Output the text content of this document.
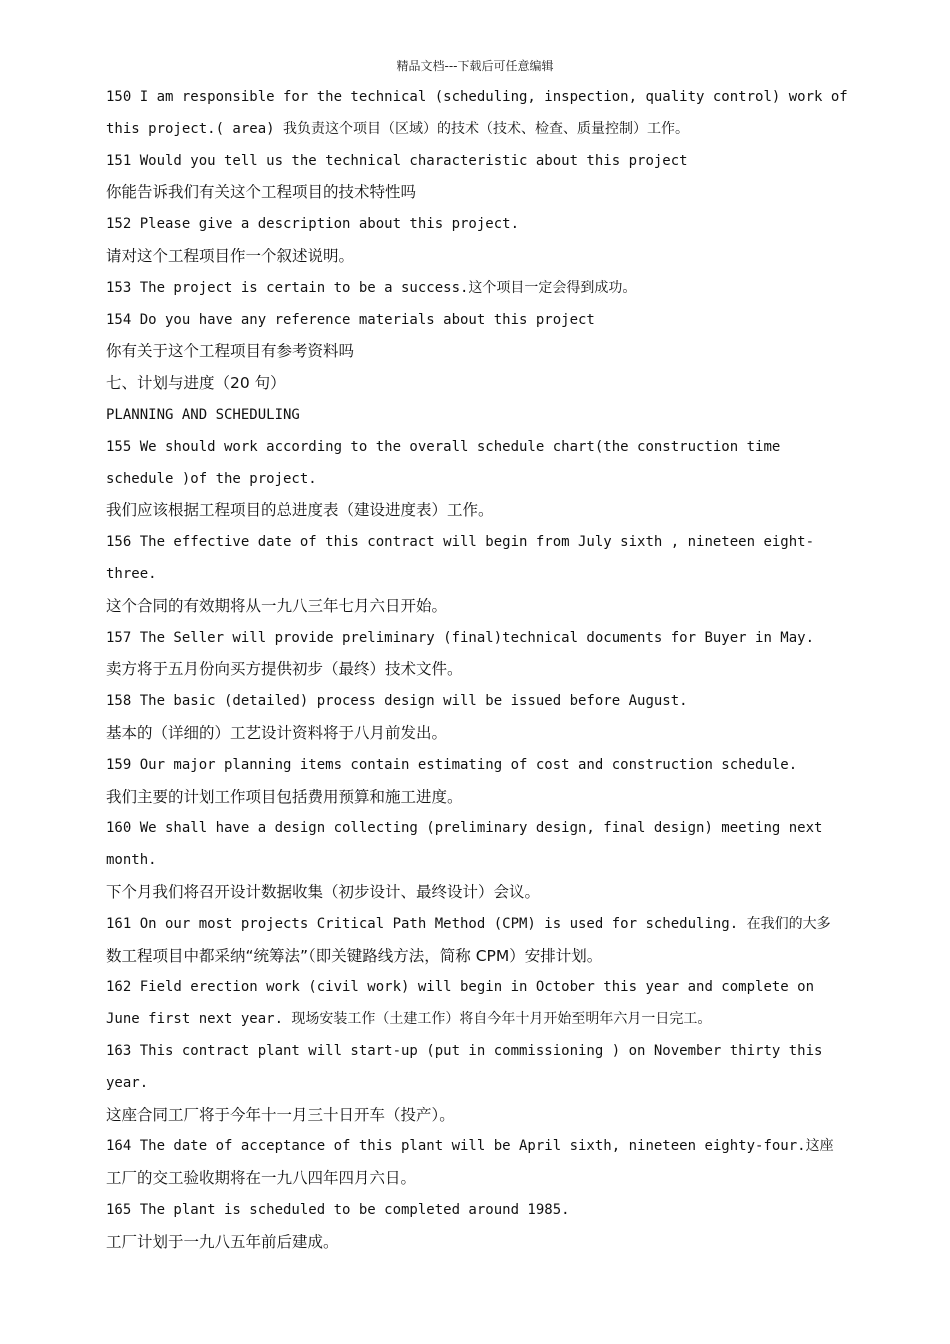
精品文档---下载后可任意编辑
150 I am responsible for the technical (scheduling, inspection, quality control) work of
this project.( area) 我负责这个项目（区域）的技术（技术、检查、质量控制）工作。
151 Would you tell us the technical characteristic about this project
你能告诉我们有关这个工程项目的技术特性吗
152 Please give a description about this project.
请对这个工程项目作一个叙述说明。
153 The project is certain to be a success.这个项目一定会得到成功。
154 Do you have any reference materials about this project
你有关于这个工程项目有参考资料吗
七、计划与进度（20 句）
PLANNING AND SCHEDULING
155 We should work according to the overall schedule chart(the construction time
schedule )of the project.
我们应该根据工程项目的总进度表（建设进度表）工作。
156 The effective date of this contract will begin from July sixth , nineteen eight-
three.
这个合同的有效期将从一九八三年七月六日开始。
157 The Seller will provide preliminary (final)technical documents for Buyer in May.
卖方将于五月份向买方提供初步（最终）技术文件。
158 The basic (detailed) process design will be issued before August.
基本的（详细的）工艺设计资料将于八月前发出。
159 Our major planning items contain estimating of cost and construction schedule.
我们主要的计划工作项目包括费用预算和施工进度。
160 We shall have a design collecting (preliminary design, final design) meeting next
month.
下个月我们将召开设计数据收集（初步设计、最终设计）会议。
161 On our most projects Critical Path Method (CPM) is used for scheduling. 在我们的大多
数工程项目中都采纳“统筹法”（即关键路线方法，简称 CPM）安排计划。
162 Field erection work (civil work) will begin in October this year and complete on
June first next year. 现场安装工作（土建工作）将自今年十月开始至明年六月一日完工。
163 This contract plant will start-up (put in commissioning ) on November thirty this
year.
这座合同工厂将于今年十一月三十日开车（投产）。
164 The date of acceptance of this plant will be April sixth, nineteen eighty-four.这座
工厂的交工验收期将在一九八四年四月六日。
165 The plant is scheduled to be completed around 1985.
工厂计划于一九八五年前后建成。
